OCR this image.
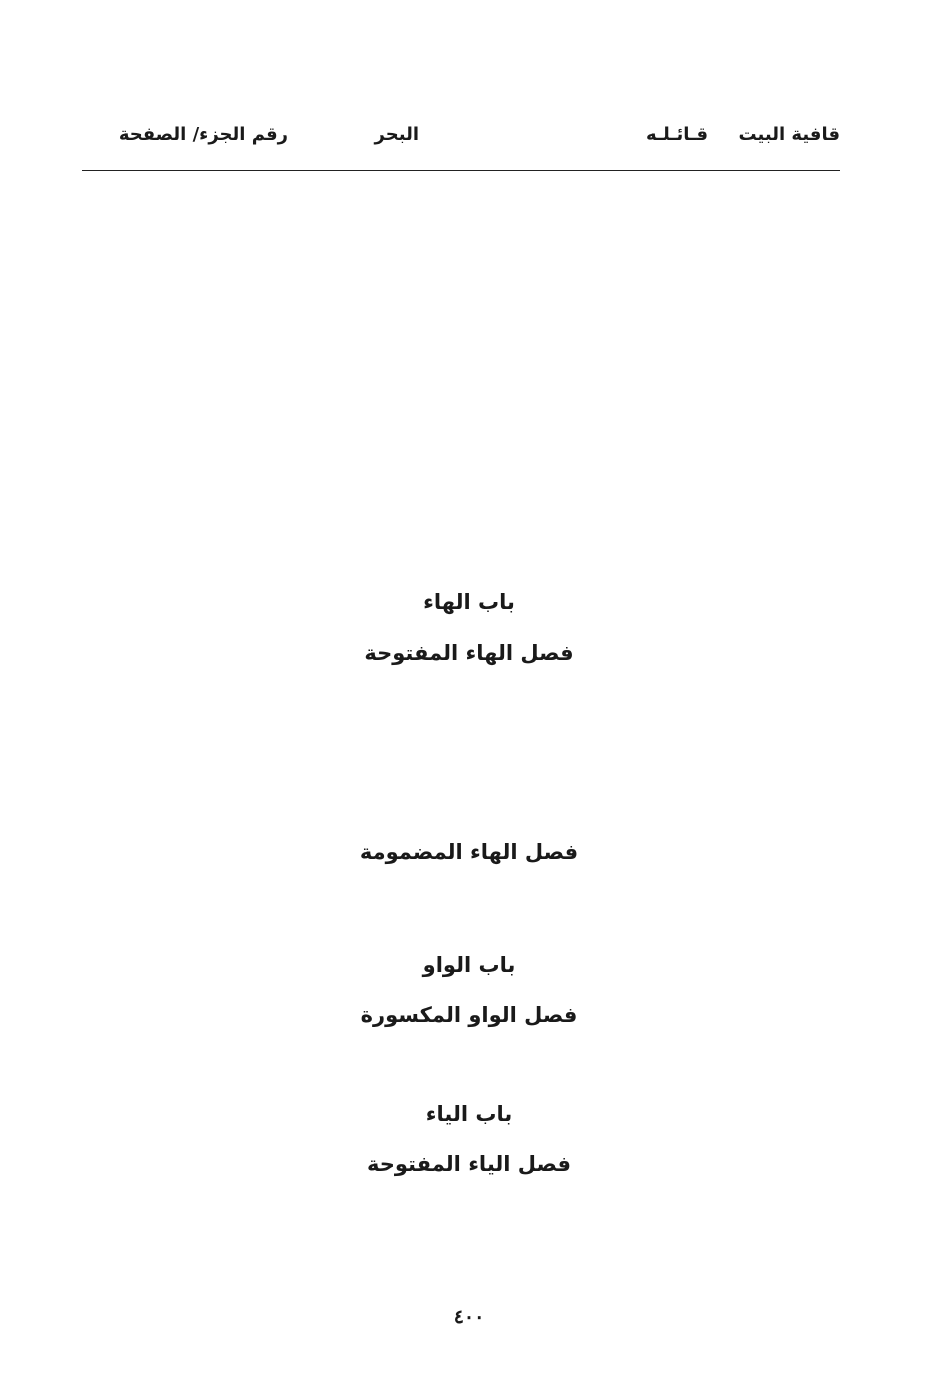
قافية البيت
قـائـلـه
البحر
رقم الجزء/ الصفحة
باب الهاء
فصل الهاء المفتوحة
فصل الهاء المضمومة
باب الواو
فصل الواو المكسورة
باب الياء
فصل الياء المفتوحة
٤٠٠
